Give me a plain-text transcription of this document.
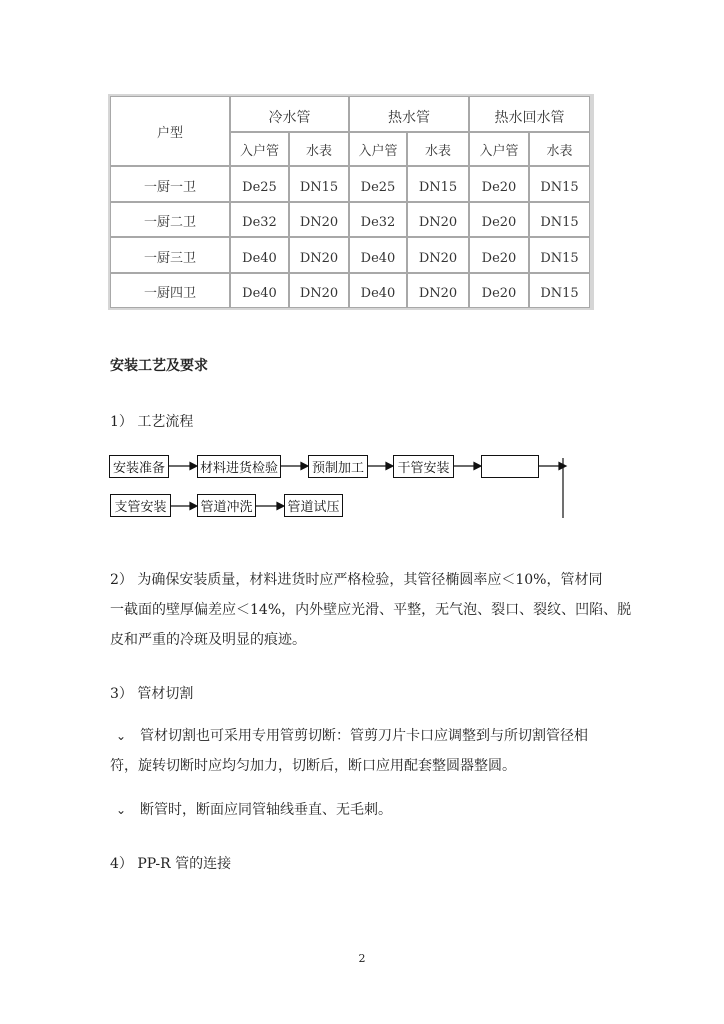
户型
冷水管	热水管	热水回水管
入户管 水表 入户管 水表 入户管 水表
一厨一卫	De25 DN15 De25 DN15 De20 DN15
一厨二卫	De32 DN20 De32 DN20 De20 DN15
一厨三卫	De40 DN20 De40 DN20 De20 DN15
一厨四卫	De40 DN20 De40 DN20 De20 DN15
安装工艺及要求
1） 工艺流程
安装准备	材料进货检验	预制加工	干管安装
支管安装	管道冲洗	管道试压
2） 为确保安装质量，材料进货时应严格检验，其管径椭圆率应＜10%，管材同
一截面的壁厚偏差应＜14%，内外壁应光滑、平整，无气泡、裂口、裂纹、凹陷、脱
皮和严重的冷斑及明显的痕迹。
3） 管材切割
⌄ 管材切割也可采用专用管剪切断：管剪刀片卡口应调整到与所切割管径相
符，旋转切断时应均匀加力，切断后，断口应用配套整圆器整圆。
⌄ 断管时，断面应同管轴线垂直、无毛刺。
4） PP-R 管的连接
2
